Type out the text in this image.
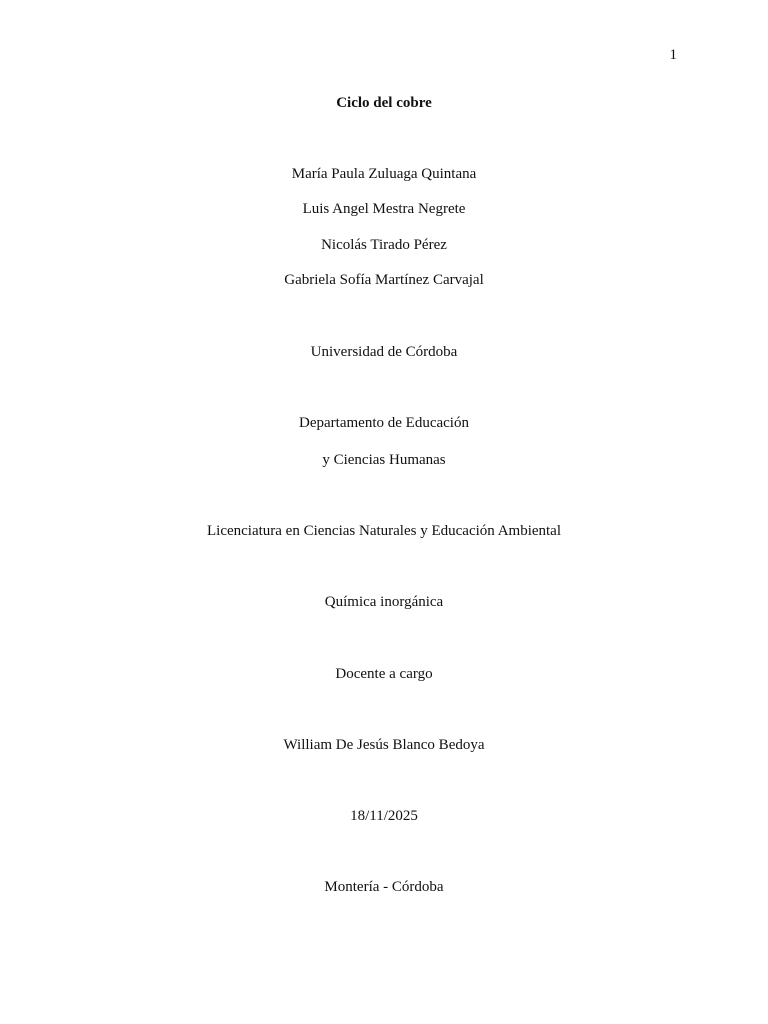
1
Ciclo del cobre
María Paula Zuluaga Quintana
Luis Angel Mestra Negrete
Nicolás Tirado Pérez
Gabriela Sofía Martínez Carvajal
Universidad de Córdoba
Departamento de Educación
y Ciencias Humanas
Licenciatura en Ciencias Naturales y Educación Ambiental
Química inorgánica
Docente a cargo
William De Jesús Blanco Bedoya
18/11/2025
Montería - Córdoba
